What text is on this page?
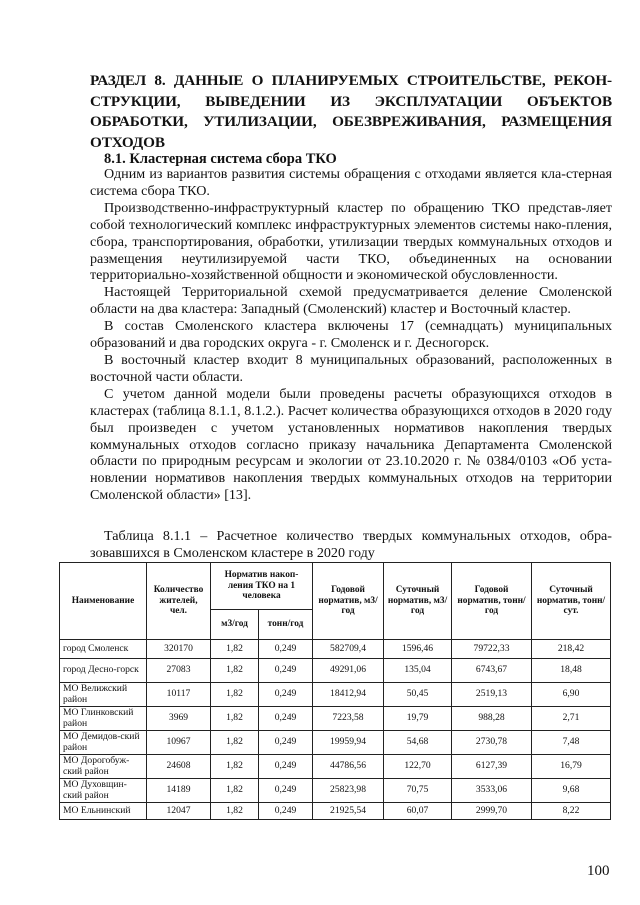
РАЗДЕЛ 8. ДАННЫЕ О ПЛАНИРУЕМЫХ СТРОИТЕЛЬСТВЕ, РЕКОН-СТРУКЦИИ, ВЫВЕДЕНИИ ИЗ ЭКСПЛУАТАЦИИ ОБЪЕКТОВ ОБРАБОТКИ, УТИЛИЗАЦИИ, ОБЕЗВРЕЖИВАНИЯ, РАЗМЕЩЕНИЯ ОТХОДОВ
8.1. Кластерная система сбора ТКО

Одним из вариантов развития системы обращения с отходами является кла-стерная система сбора ТКО.

Производственно-инфраструктурный кластер по обращению ТКО представ-ляет собой технологический комплекс инфраструктурных элементов системы нако-пления, сбора, транспортирования, обработки, утилизации твердых коммунальных отходов и размещения неутилизируемой части ТКО, объединенных на основании территориально-хозяйственной общности и экономической обусловленности.

Настоящей Территориальной схемой предусматривается деление Смоленской области на два кластера: Западный (Смоленский) кластер и Восточный кластер.

В состав Смоленского кластера включены 17 (семнадцать) муниципальных образований и два городских округа - г. Смоленск и г. Десногорск.

В восточный кластер входит 8 муниципальных образований, расположенных в восточной части области.

С учетом данной модели были проведены расчеты образующихся отходов в кластерах (таблица 8.1.1, 8.1.2.). Расчет количества образующихся отходов в 2020 году был произведен с учетом установленных нормативов накопления твердых коммунальных отходов согласно приказу начальника Департамента Смоленской области по природным ресурсам и экологии от 23.10.2020 г. № 0384/0103 «Об уста-новлении нормативов накопления твердых коммунальных отходов на территории Смоленской области» [13].

Таблица 8.1.1 – Расчетное количество твердых коммунальных отходов, обра-зовавшихся в Смоленском кластере в 2020 году

Наименование	Количество жителей, чел.	Норматив накоп-ления ТКО на 1 человека		Годовой норматив, м3/год	Суточный норматив, м3/год	Годовой норматив, тонн/год	Суточный норматив, тонн/сут.
		м3/год	тонн/год				
город Смоленск	320170	1,82	0,249	582709,4	1596,46	79722,33	218,42
город Десно-горск	27083	1,82	0,249	49291,06	135,04	6743,67	18,48
МО Велижский район	10117	1,82	0,249	18412,94	50,45	2519,13	6,90
МО Глинковский район	3969	1,82	0,249	7223,58	19,79	988,28	2,71
МО Демидов-ский район	10967	1,82	0,249	19959,94	54,68	2730,78	7,48
МО Дорогобуж-ский район	24608	1,82	0,249	44786,56	122,70	6127,39	16,79
МО Духовщин-ский район	14189	1,82	0,249	25823,98	70,75	3533,06	9,68
МО Ельнинский	12047	1,82	0,249	21925,54	60,07	2999,70	8,22

100
